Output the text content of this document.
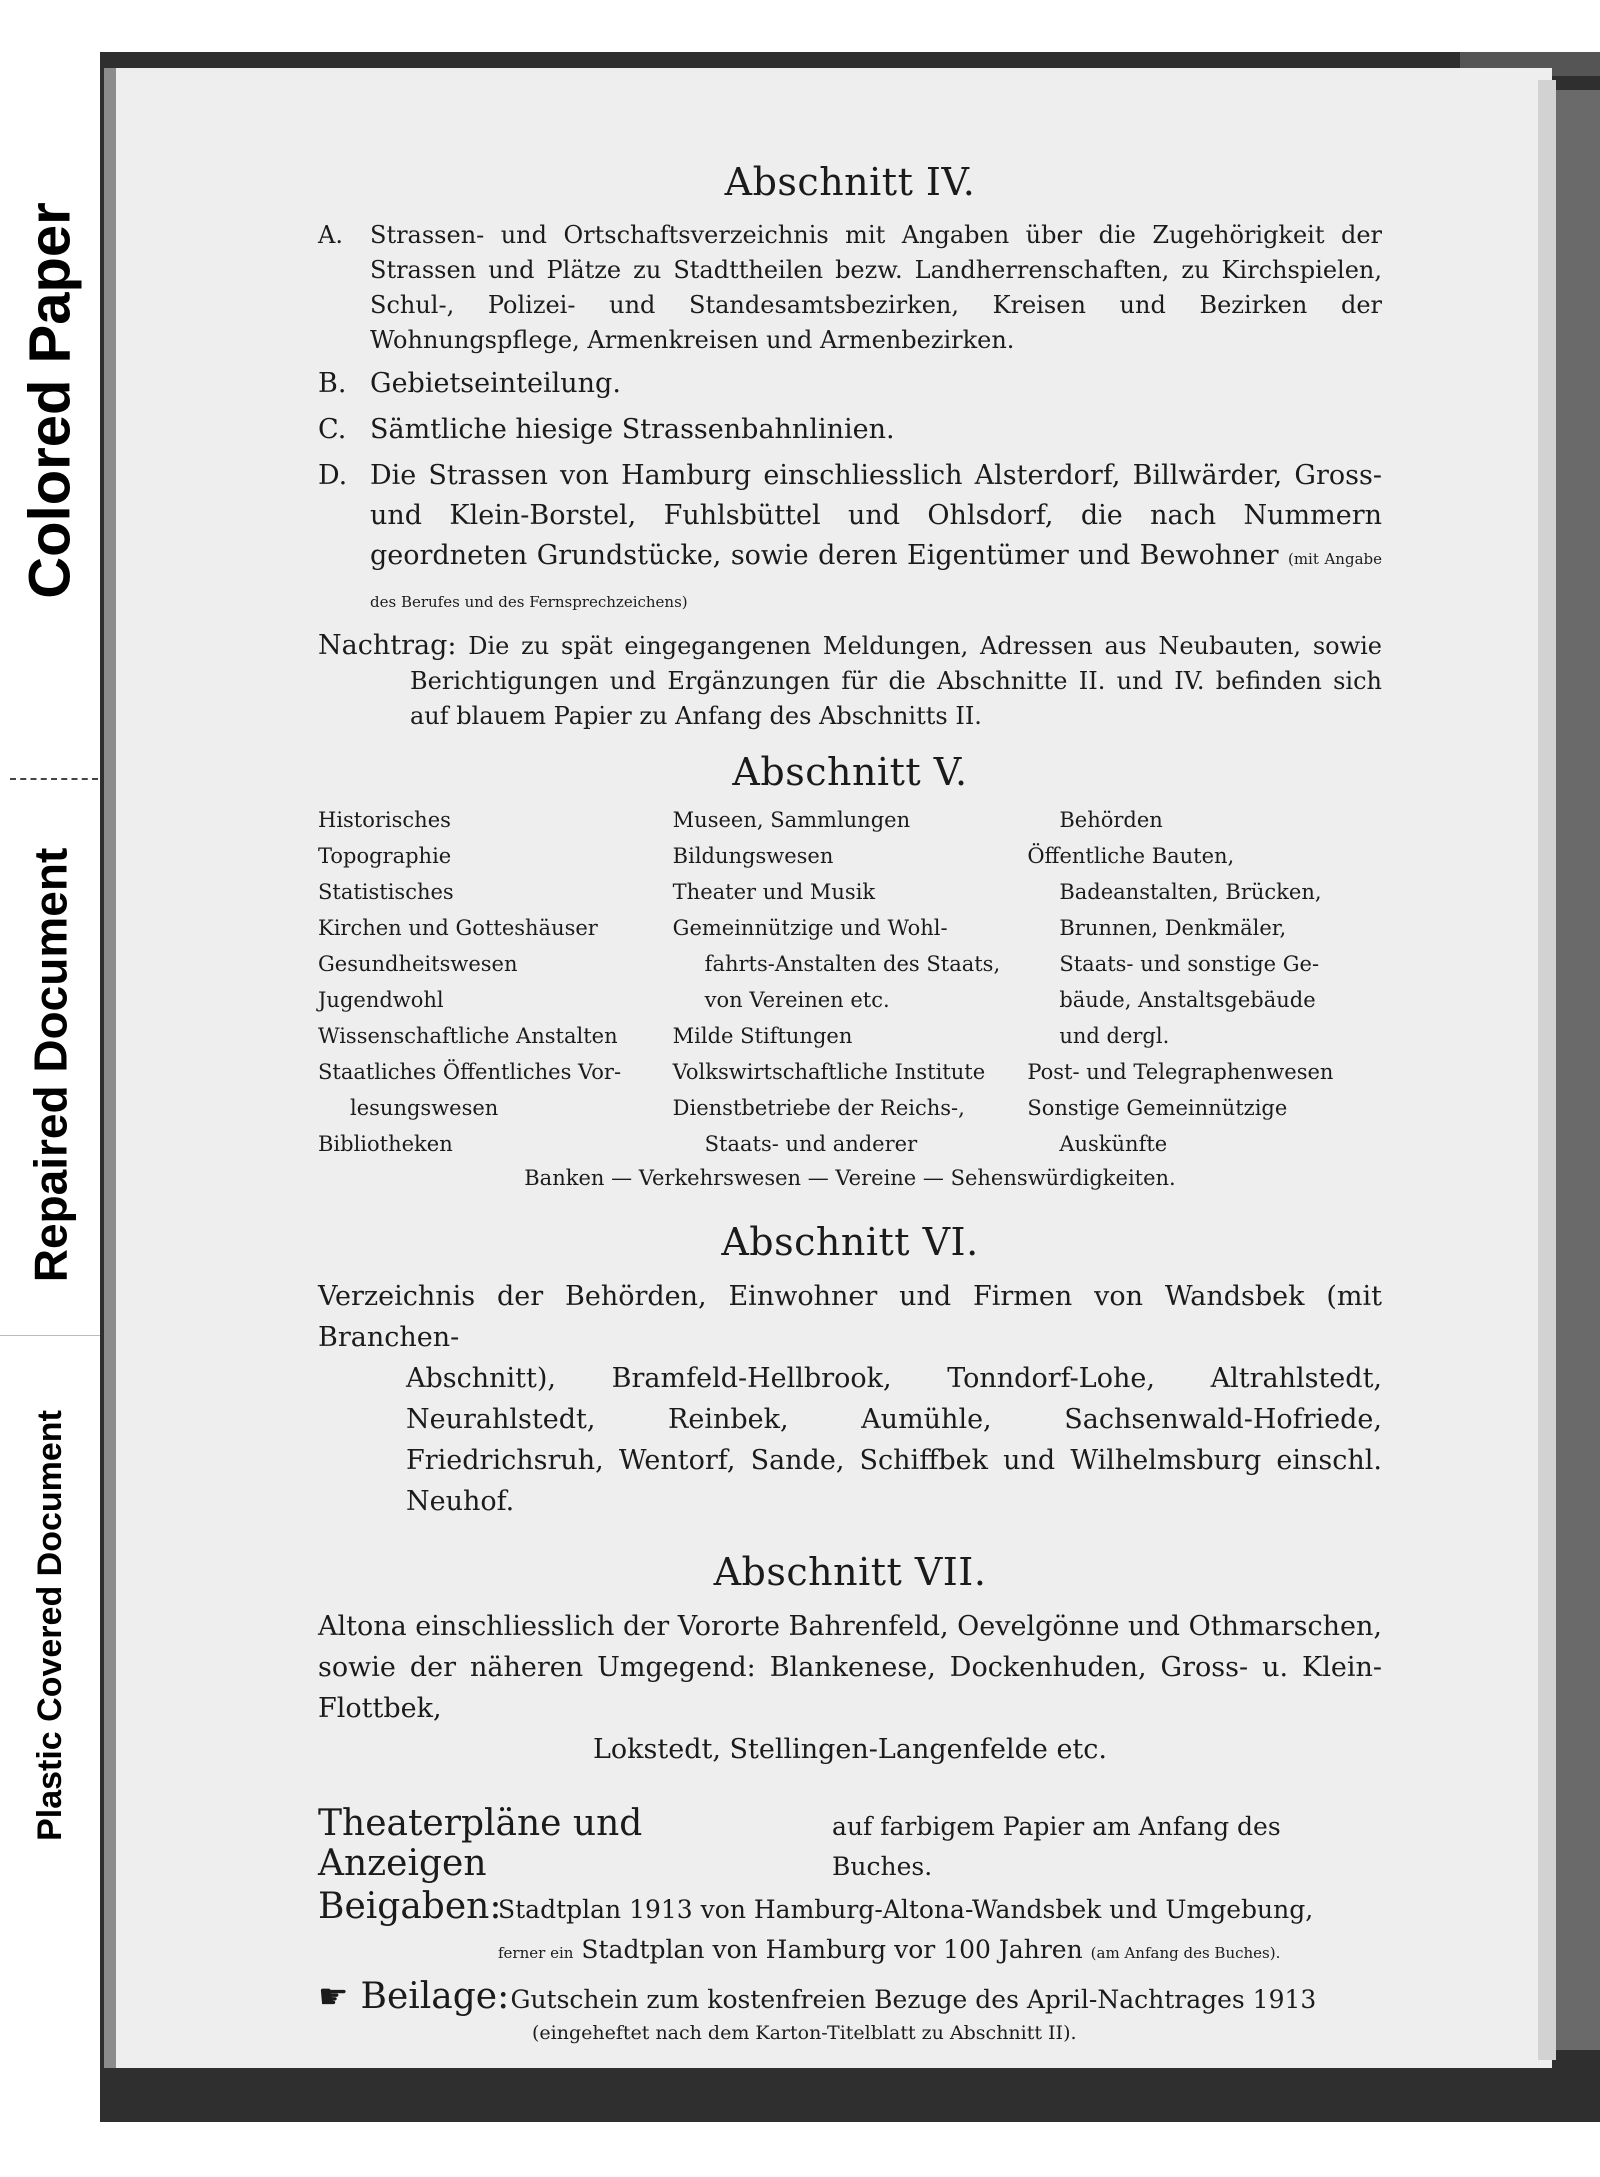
Colored Paper
Repaired Document
Plastic Covered Document
Abschnitt IV.
A.	Strassen- und Ortschaftsverzeichnis mit Angaben über die Zugehörigkeit der Strassen und Plätze zu Stadttheilen bezw. Landherrenschaften, zu Kirchspielen, Schul-, Polizei- und Standesamtsbezirken, Kreisen und Bezirken der Wohnungspflege, Armenkreisen und Armenbezirken.
B. Gebietseinteilung.
C. Sämtliche hiesige Strassenbahnlinien.
D. Die Strassen von Hamburg einschliesslich Alsterdorf, Billwärder, Gross- und Klein-Borstel, Fuhlsbüttel und Ohlsdorf, die nach Nummern geordneten Grundstücke, sowie deren Eigentümer und Bewohner (mit Angabe des Berufes und des Fernsprechzeichens)
Nachtrag: Die zu spät eingegangenen Meldungen, Adressen aus Neubauten, sowie Berichtigungen und Ergänzungen für die Abschnitte II. und IV. befinden sich auf blauem Papier zu Anfang des Abschnitts II.
Abschnitt V.
Historisches
Topographie
Statistisches
Kirchen und Gotteshäuser
Gesundheitswesen
Jugendwohl
Wissenschaftliche Anstalten
Staatliches Öffentliches Vor-
lesungswesen
Bibliotheken
Museen, Sammlungen
Bildungswesen
Theater und Musik
Gemeinnützige und Wohl-
fahrts-Anstalten des Staats,
von Vereinen etc.
Milde Stiftungen
Volkswirtschaftliche Institute
Dienstbetriebe der Reichs-,
Staats- und anderer
Behörden
Öffentliche Bauten,
Badeanstalten, Brücken,
Brunnen, Denkmäler,
Staats- und sonstige Ge-
bäude, Anstaltsgebäude
und dergl.
Post- und Telegraphenwesen
Sonstige Gemeinnützige
Auskünfte
Banken — Verkehrswesen — Vereine — Sehenswürdigkeiten.
Abschnitt VI.
Verzeichnis der Behörden, Einwohner und Firmen von Wandsbek (mit Branchen-
Abschnitt), Bramfeld-Hellbrook, Tonndorf-Lohe, Altrahlstedt, Neurahlstedt, Reinbek, Aumühle, Sachsenwald-Hofriede, Friedrichsruh, Wentorf, Sande, Schiffbek und Wilhelmsburg einschl. Neuhof.
Abschnitt VII.
Altona einschliesslich der Vororte Bahrenfeld, Oevelgönne und Othmarschen,
sowie der näheren Umgegend: Blankenese, Dockenhuden, Gross- u. Klein-Flottbek,
Lokstedt, Stellingen-Langenfelde etc.
Theaterpläne und Anzeigen

auf farbigem Papier am Anfang des Buches.
Beigaben:
Stadtplan 1913 von Hamburg-Altona-Wandsbek und Umgebung,
ferner ein
Stadtplan von Hamburg vor 100 Jahren
(am Anfang des Buches).
☛ Beilage: Gutschein zum kostenfreien Bezuge des April-Nachtrages 1913
(eingeheftet nach dem Karton-Titelblatt zu Abschnitt II).
